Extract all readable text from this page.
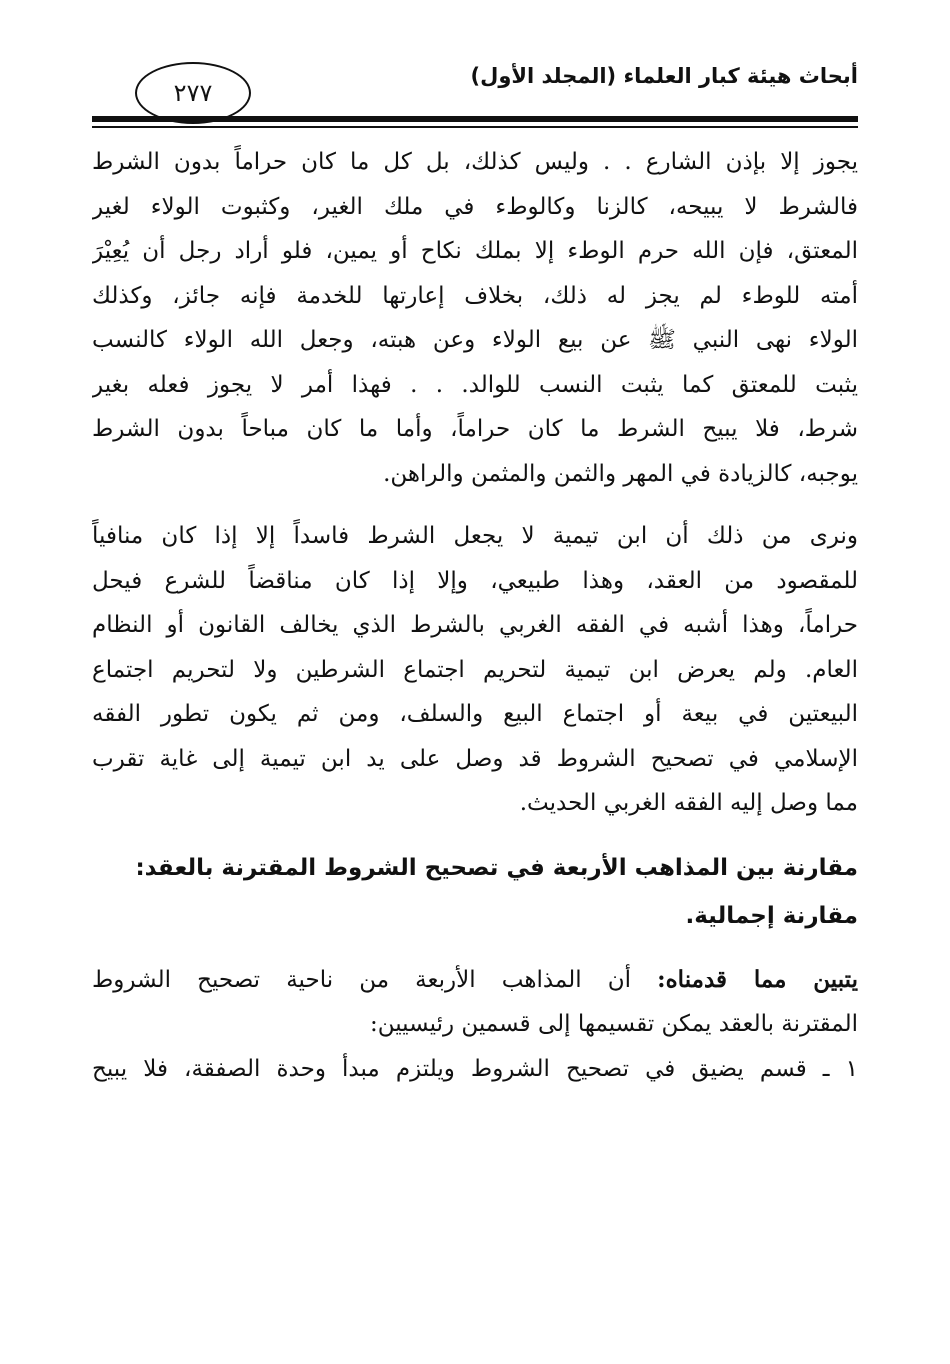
أبحاث هيئة كبار العلماء (المجلد الأول)
٢٧٧

يجوز إلا بإذن الشارع . . وليس كذلك، بل كل ما كان حراماً بدون الشرط
فالشرط لا يبيحه، كالزنا وكالوطء في ملك الغير، وكثبوت الولاء لغير
المعتق، فإن الله حرم الوطء إلا بملك نكاح أو يمين، فلو أراد رجل أن يُعِيْرَ
أمته للوطء لم يجز له ذلك، بخلاف إعارتها للخدمة فإنه جائز، وكذلك
الولاء نهى النبي ﷺ عن بيع الولاء وعن هبته، وجعل الله الولاء كالنسب
يثبت للمعتق كما يثبت النسب للوالد. . . فهذا أمر لا يجوز فعله بغير
شرط، فلا يبيح الشرط ما كان حراماً، وأما ما كان مباحاً بدون الشرط
يوجبه، كالزيادة في المهر والثمن والمثمن والراهن.

ونرى من ذلك أن ابن تيمية لا يجعل الشرط فاسداً إلا إذا كان منافياً
للمقصود من العقد، وهذا طبيعي، وإلا إذا كان مناقضاً للشرع فيحل
حراماً، وهذا أشبه في الفقه الغربي بالشرط الذي يخالف القانون أو النظام
العام. ولم يعرض ابن تيمية لتحريم اجتماع الشرطين ولا لتحريم اجتماع
البيعتين في بيعة أو اجتماع البيع والسلف، ومن ثم يكون تطور الفقه
الإسلامي في تصحيح الشروط قد وصل على يد ابن تيمية إلى غاية تقرب
مما وصل إليه الفقه الغربي الحديث.

مقارنة بين المذاهب الأربعة في تصحيح الشروط المقترنة بالعقد:
مقارنة إجمالية.

يتبين مما قدمناه: أن المذاهب الأربعة من ناحية تصحيح الشروط
المقترنة بالعقد يمكن تقسيمها إلى قسمين رئيسيين:

١ ـ قسم يضيق في تصحيح الشروط ويلتزم مبدأ وحدة الصفقة، فلا يبيح
